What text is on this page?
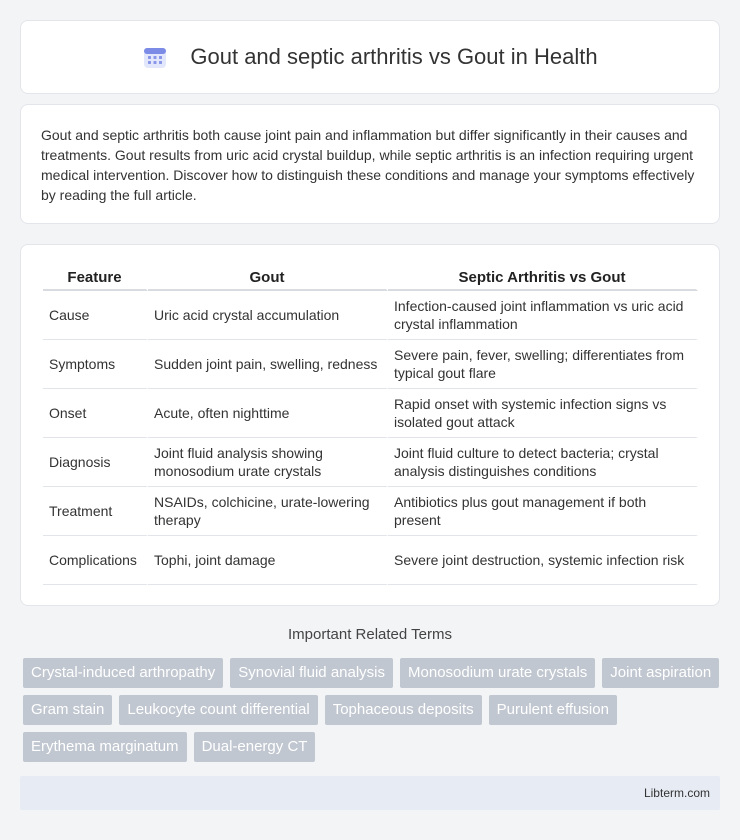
Gout and septic arthritis vs Gout in Health

Gout and septic arthritis both cause joint pain and inflammation but differ significantly in their causes and treatments. Gout results from uric acid crystal buildup, while septic arthritis is an infection requiring urgent medical intervention. Discover how to distinguish these conditions and manage your symptoms effectively by reading the full article.

Feature	Gout	Septic Arthritis vs Gout
Cause	Uric acid crystal accumulation	Infection-caused joint inflammation vs uric acid crystal inflammation
Symptoms	Sudden joint pain, swelling, redness	Severe pain, fever, swelling; differentiates from typical gout flare
Onset	Acute, often nighttime	Rapid onset with systemic infection signs vs isolated gout attack
Diagnosis	Joint fluid analysis showing monosodium urate crystals	Joint fluid culture to detect bacteria; crystal analysis distinguishes conditions
Treatment	NSAIDs, colchicine, urate-lowering therapy	Antibiotics plus gout management if both present
Complications	Tophi, joint damage	Severe joint destruction, systemic infection risk
Important Related Terms
Crystal-induced arthropathy	Synovial fluid analysis	Monosodium urate crystals	Joint aspiration
Gram stain	Leukocyte count differential	Tophaceous deposits	Purulent effusion
Erythema marginatum	Dual-energy CT
Libterm.com
